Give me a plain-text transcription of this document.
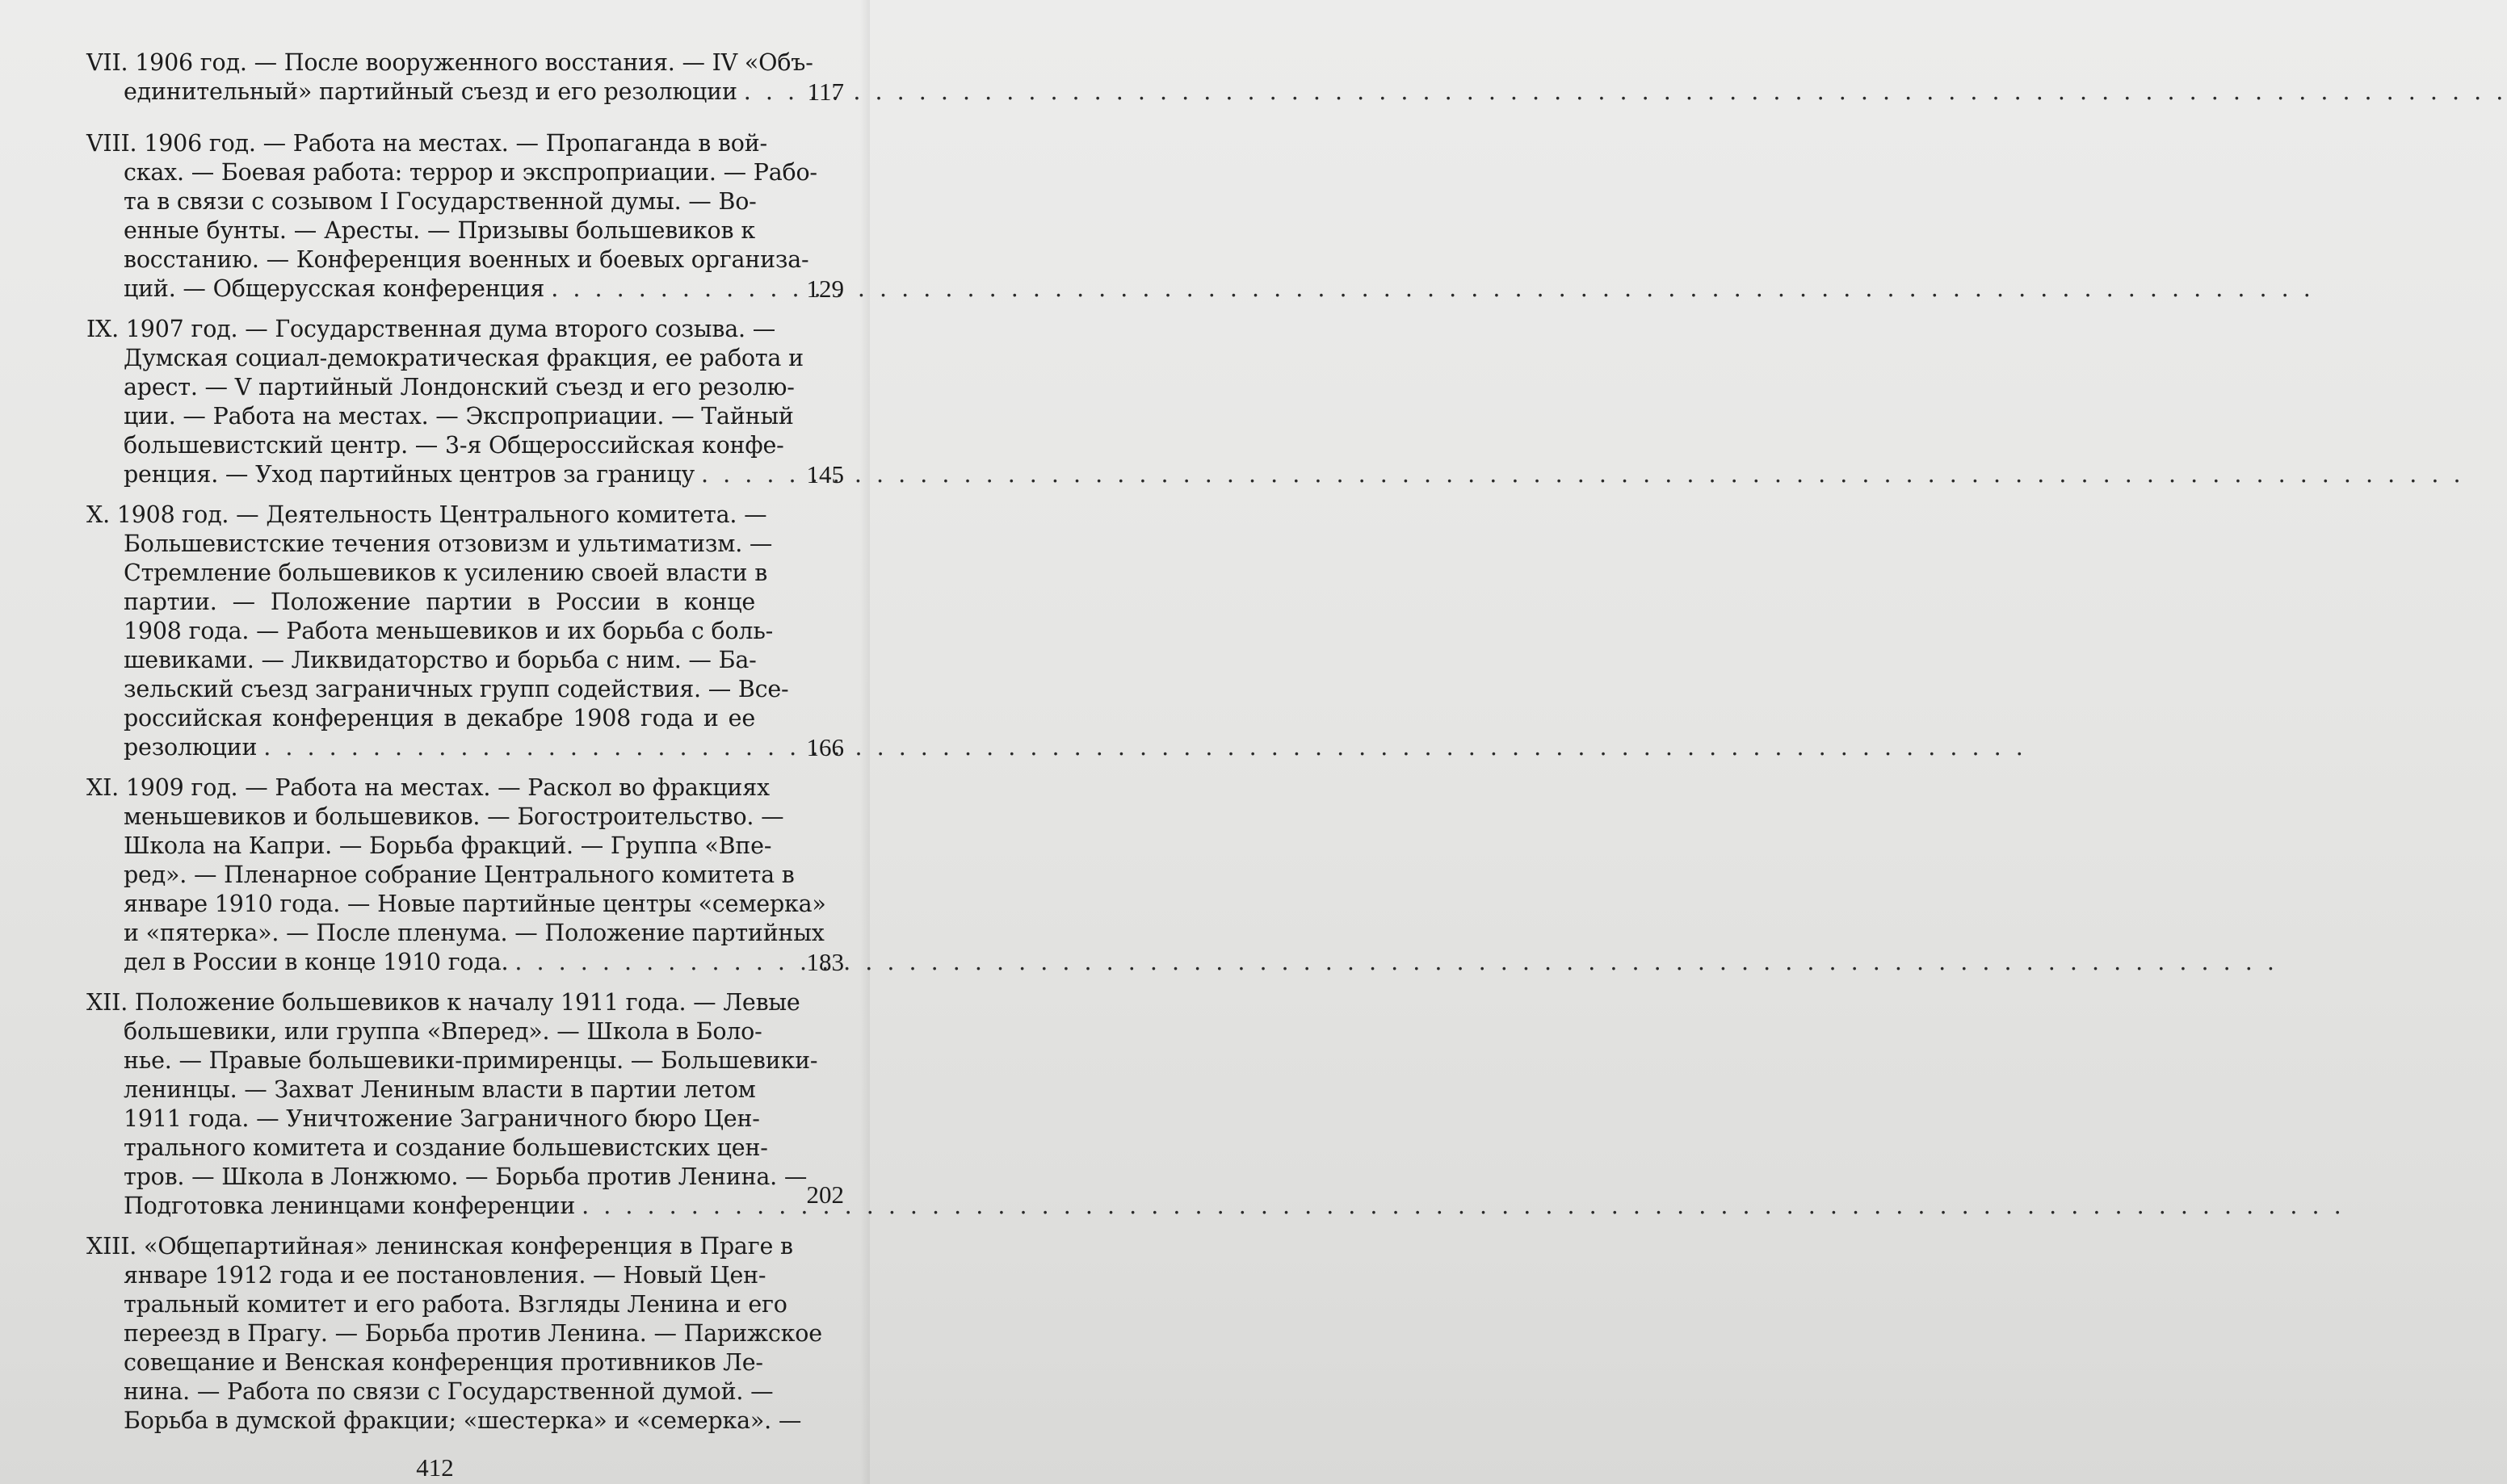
VII. 1906 год. — После вооруженного восстания. — IV «Объ-
единительный» партийный съезд и его резолюции . . .	117
VIII. 1906 год. — Работа на местах. — Пропаганда в вой-
сках. — Боевая работа: террор и экспроприации. — Рабо-
та в связи с созывом I Государственной думы. — Во-
енные бунты. — Аресты. — Призывы большевиков к
восстанию. — Конференция военных и боевых организа-
ций. — Общерусская конференция . . .	129
IX. 1907 год. — Государственная дума второго созыва. —
Думская социал-демократическая фракция, ее работа и
арест. — V партийный Лондонский съезд и его резолю-
ции. — Работа на местах. — Экспроприации. — Тайный
большевистский центр. — 3-я Общероссийская конфе-
ренция. — Уход партийных центров за границу . . .	145
X. 1908 год. — Деятельность Центрального комитета. —
Большевистские течения отзовизм и ультиматизм. —
Стремление большевиков к усилению своей власти в
партии. — Положение партии в России в конце
1908 года. — Работа меньшевиков и их борьба с боль-
шевиками. — Ликвидаторство и борьба с ним. — Ба-
зельский съезд заграничных групп содействия. — Все-
российская конференция в декабре 1908 года и ее
резолюции . . .	166
XI. 1909 год. — Работа на местах. — Раскол во фракциях
меньшевиков и большевиков. — Богостроительство. —
Школа на Капри. — Борьба фракций. — Группа «Впе-
ред». — Пленарное собрание Центрального комитета в
январе 1910 года. — Новые партийные центры «семерка»
и «пятерка». — После пленума. — Положение партийных
дел в России в конце 1910 года. . . .	183
XII. Положение большевиков к началу 1911 года. — Левые
большевики, или группа «Вперед». — Школа в Боло-
нье. — Правые большевики-примиренцы. — Большевики-
ленинцы. — Захват Лениным власти в партии летом
1911 года. — Уничтожение Заграничного бюро Цен-
трального комитета и создание большевистских цен-
тров. — Школа в Лонжюмо. — Борьба против Ленина. —
Подготовка ленинцами конференции . . .	202
XIII. «Общепартийная» ленинская конференция в Праге в
январе 1912 года и ее постановления. — Новый Цен-
тральный комитет и его работа. Взгляды Ленина и его
переезд в Прагу. — Борьба против Ленина. — Парижское
совещание и Венская конференция противников Ле-
нина. — Работа по связи с Государственной думой. —
Борьба в думской фракции; «шестерка» и «семерка». —
412
